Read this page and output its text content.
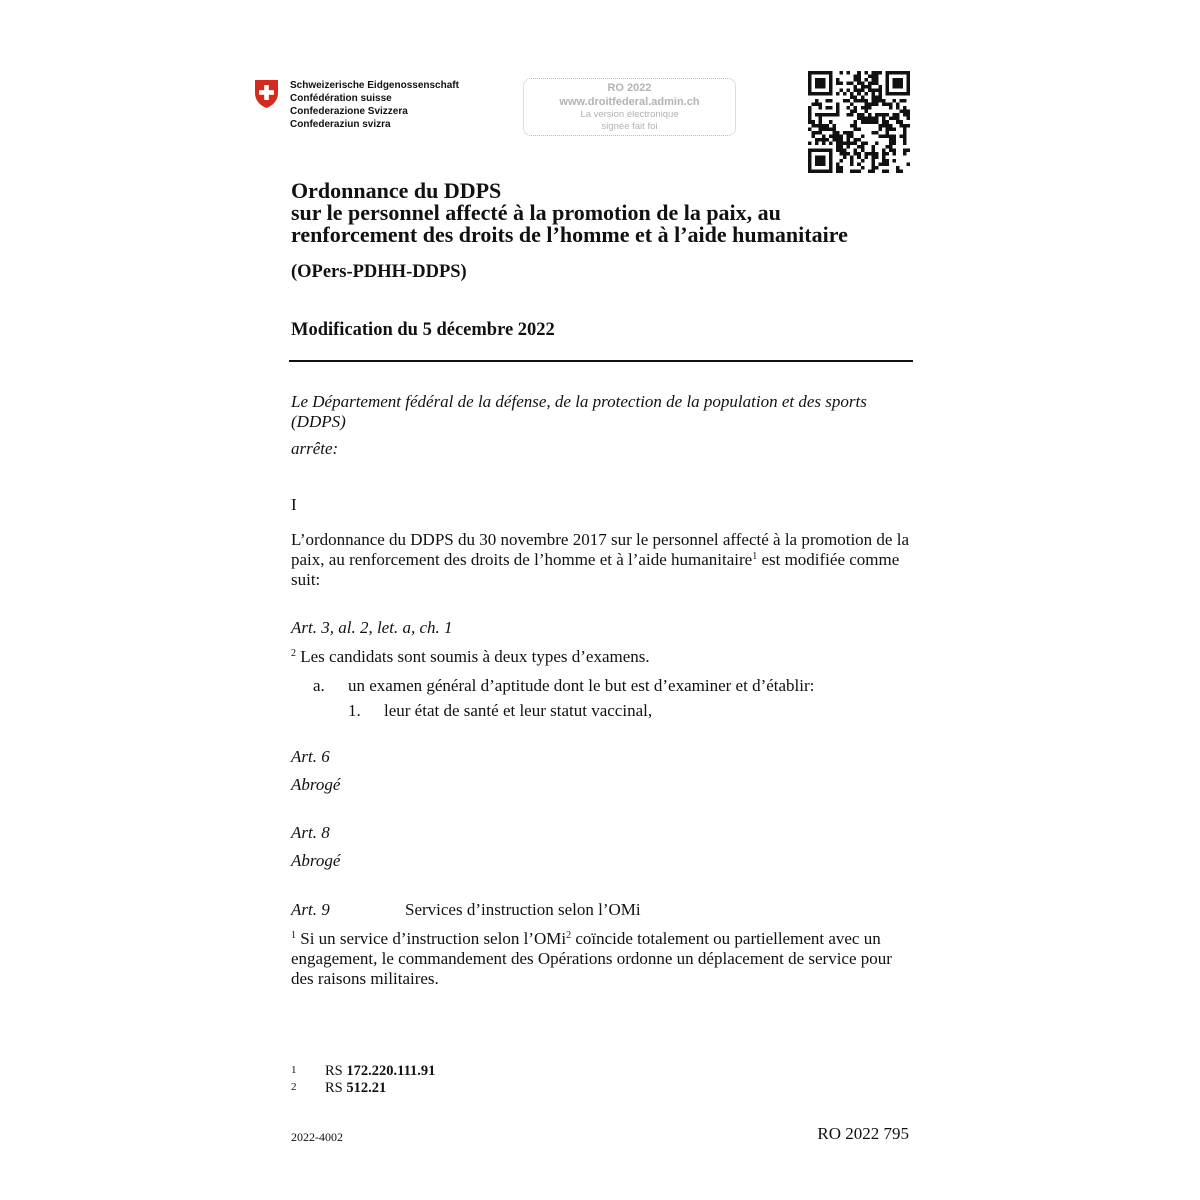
Schweizerische Eidgenossenschaft
Confédération suisse
Confederazione Svizzera
Confederaziun svizra
RO 2022
www.droitfederal.admin.ch
La version électronique
signée fait foi
Ordonnance du DDPS
sur le personnel affecté à la promotion de la paix, au
renforcement des droits de l’homme et à l’aide humanitaire
(OPers-PDHH-DDPS)
Modification du 5 décembre 2022
Le Département fédéral de la défense, de la protection de la population et des sports (DDPS)
arrête:
I
L’ordonnance du DDPS du 30 novembre 2017 sur le personnel affecté à la promotion de la paix, au renforcement des droits de l’homme et à l’aide humanitaire$^1$ est modifiée comme suit:
Art. 3, al. 2, let. a, ch. 1
$^2$ Les candidats sont soumis à deux types d’examens.
a. un examen général d’aptitude dont le but est d’examiner et d’établir:
1. leur état de santé et leur statut vaccinal,
Art. 6
Abrogé
Art. 8
Abrogé
Art. 9	Services d’instruction selon l’OMi
$^1$ Si un service d’instruction selon l’OMi$^2$ coïncide totalement ou partiellement avec un engagement, le commandement des Opérations ordonne un déplacement de service pour des raisons militaires.
1 RS 172.220.111.91
2 RS 512.21
2022-4002	RO 2022 795
